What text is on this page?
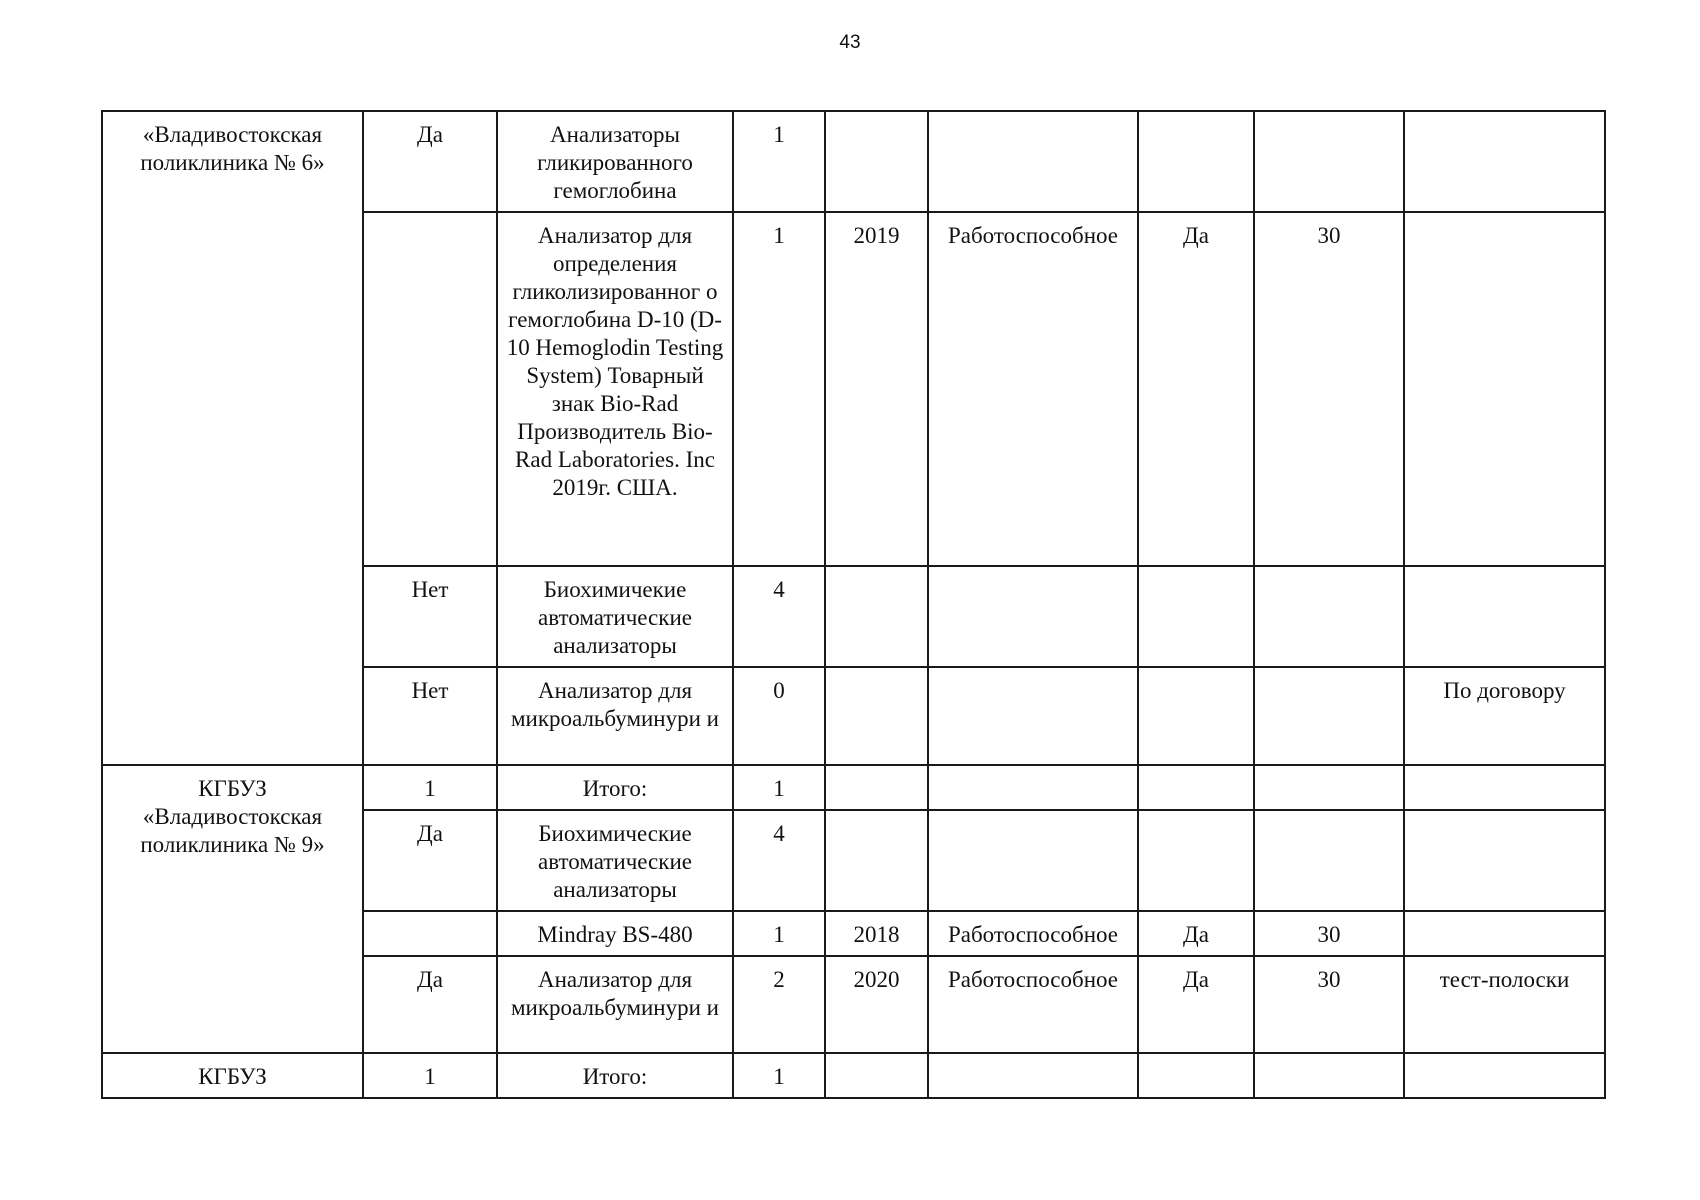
43
«Владивостокская поликлиника № 6»	Да	Анализаторы гликированного гемоглобина	1					
		Анализатор для определения гликолизированног о гемоглобина D-10 (D-10 Hemoglodin Testing System) Товарный знак Bio-Rad Производитель Bio-Rad Laboratories. Inc 2019г. США.	1	2019	Работоспособное	Да	30	
	Нет	Биохимичекие автоматические анализаторы	4					
	Нет	Анализатор для микроальбуминури и	0					По договору
КГБУЗ «Владивостокская поликлиника № 9»	1	Итого:	1					
	Да	Биохимические автоматические анализаторы	4					
		Mindray BS-480	1	2018	Работоспособное	Да	30	
	Да	Анализатор для микроальбуминури и	2	2020	Работоспособное	Да	30	тест-полоски
КГБУЗ	1	Итого:	1					
